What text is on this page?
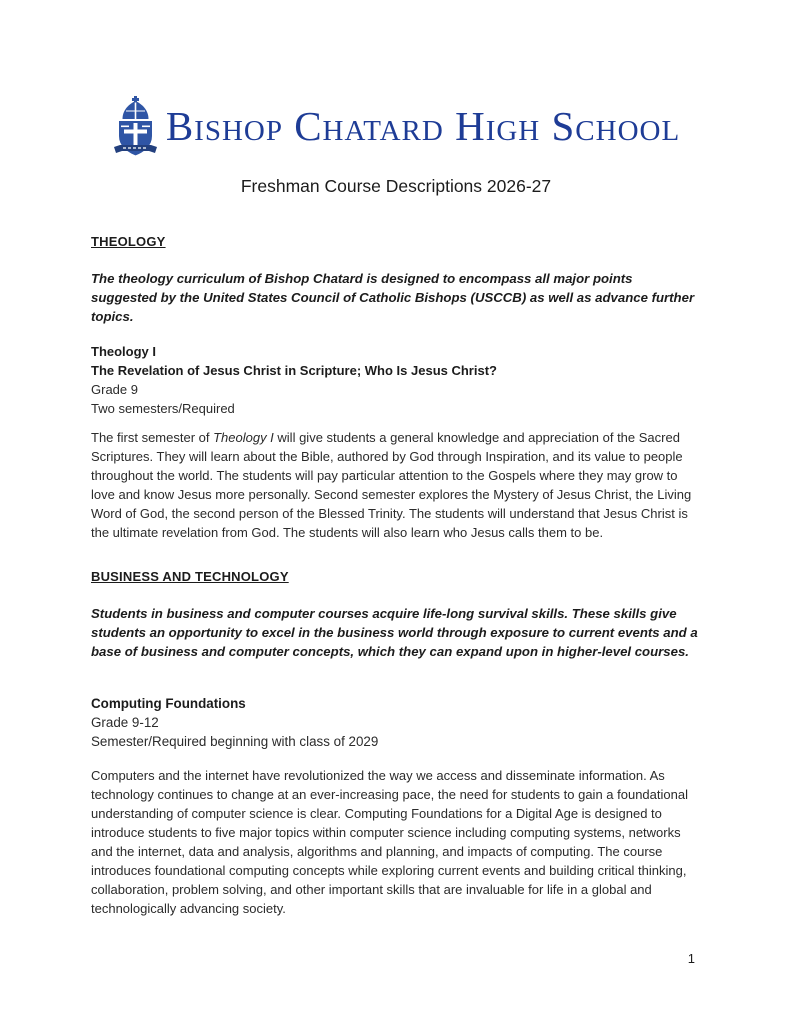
Bishop Chatard High School
Freshman Course Descriptions 2026-27
THEOLOGY

The theology curriculum of Bishop Chatard is designed to encompass all major points suggested by the United States Council of Catholic Bishops (USCCB) as well as advance further topics.

Theology I
The Revelation of Jesus Christ in Scripture; Who Is Jesus Christ?
Grade 9
Two semesters/Required

The first semester of Theology I will give students a general knowledge and appreciation of the Sacred Scriptures. They will learn about the Bible, authored by God through Inspiration, and its value to people throughout the world. The students will pay particular attention to the Gospels where they may grow to love and know Jesus more personally. Second semester explores the Mystery of Jesus Christ, the Living Word of God, the second person of the Blessed Trinity. The students will understand that Jesus Christ is the ultimate revelation from God. The students will also learn who Jesus calls them to be.

BUSINESS AND TECHNOLOGY

Students in business and computer courses acquire life-long survival skills. These skills give students an opportunity to excel in the business world through exposure to current events and a base of business and computer concepts, which they can expand upon in higher-level courses.

Computing Foundations
Grade 9-12
Semester/Required beginning with class of 2029

Computers and the internet have revolutionized the way we access and disseminate information. As technology continues to change at an ever-increasing pace, the need for students to gain a foundational understanding of computer science is clear. Computing Foundations for a Digital Age is designed to introduce students to five major topics within computer science including computing systems, networks and the internet, data and analysis, algorithms and planning, and impacts of computing. The course introduces foundational computing concepts while exploring current events and building critical thinking, collaboration, problem solving, and other important skills that are invaluable for life in a global and technologically advancing society.

1
